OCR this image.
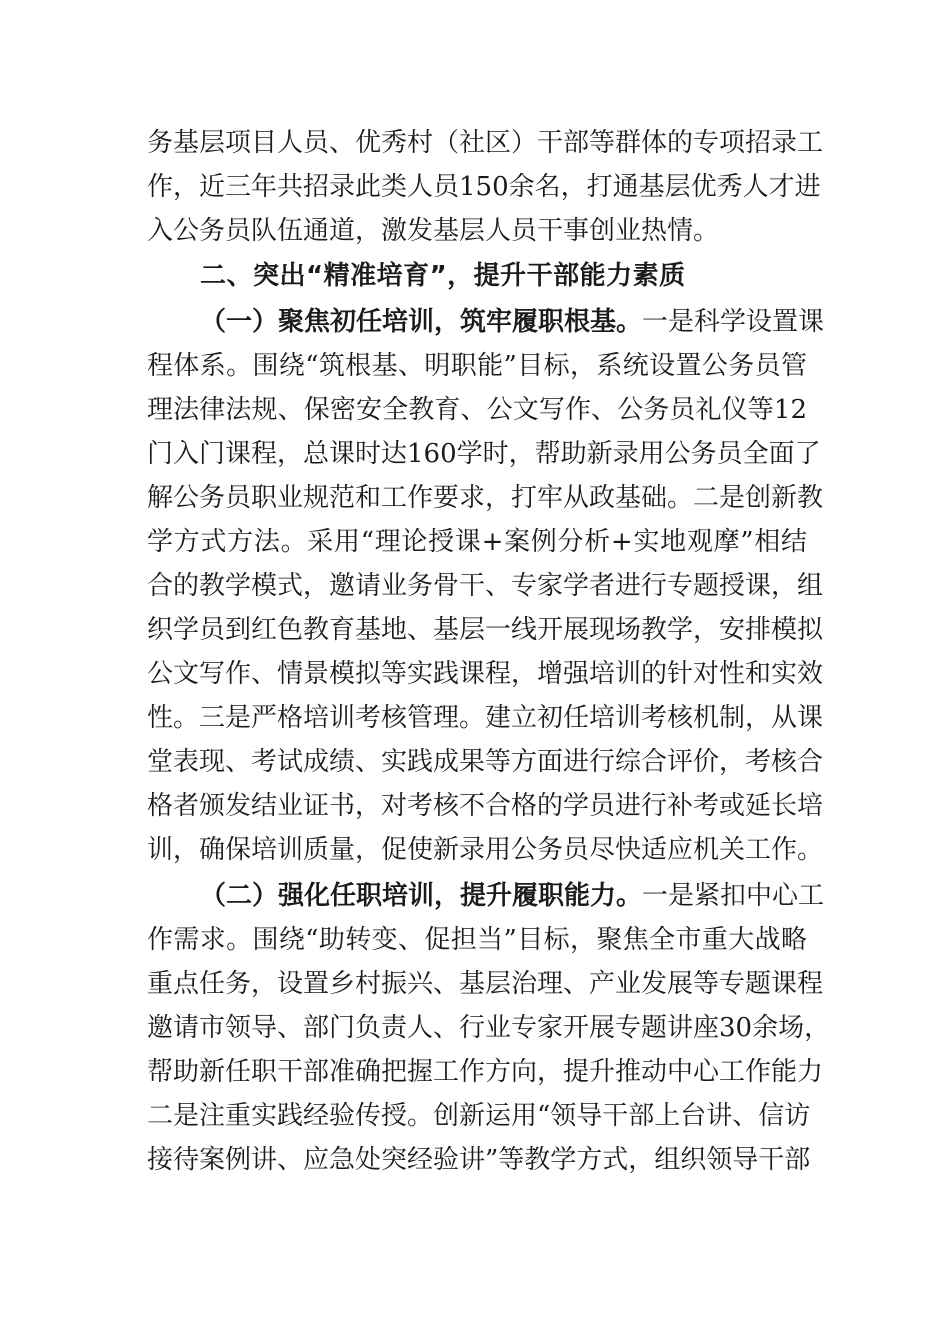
务基层项目人员、优秀村（社区）干部等群体的专项招录工
作，近三年共招录此类人员150余名，打通基层优秀人才进
入公务员队伍通道，激发基层人员干事创业热情。
二、突出“精准培育”，提升干部能力素质
（一）聚焦初任培训，筑牢履职根基。一是科学设置课
程体系。围绕“筑根基、明职能”目标，系统设置公务员管
理法律法规、保密安全教育、公文写作、公务员礼仪等12
门入门课程，总课时达160学时，帮助新录用公务员全面了
解公务员职业规范和工作要求，打牢从政基础。二是创新教
学方式方法。采用“理论授课+案例分析+实地观摩”相结
合的教学模式，邀请业务骨干、专家学者进行专题授课，组
织学员到红色教育基地、基层一线开展现场教学，安排模拟
公文写作、情景模拟等实践课程，增强培训的针对性和实效
性。三是严格培训考核管理。建立初任培训考核机制，从课
堂表现、考试成绩、实践成果等方面进行综合评价，考核合
格者颁发结业证书，对考核不合格的学员进行补考或延长培
训，确保培训质量，促使新录用公务员尽快适应机关工作。
（二）强化任职培训，提升履职能力。一是紧扣中心工
作需求。围绕“助转变、促担当”目标，聚焦全市重大战略
重点任务，设置乡村振兴、基层治理、产业发展等专题课程
邀请市领导、部门负责人、行业专家开展专题讲座30余场，
帮助新任职干部准确把握工作方向，提升推动中心工作能力
二是注重实践经验传授。创新运用“领导干部上台讲、信访
接待案例讲、应急处突经验讲”等教学方式，组织领导干部
